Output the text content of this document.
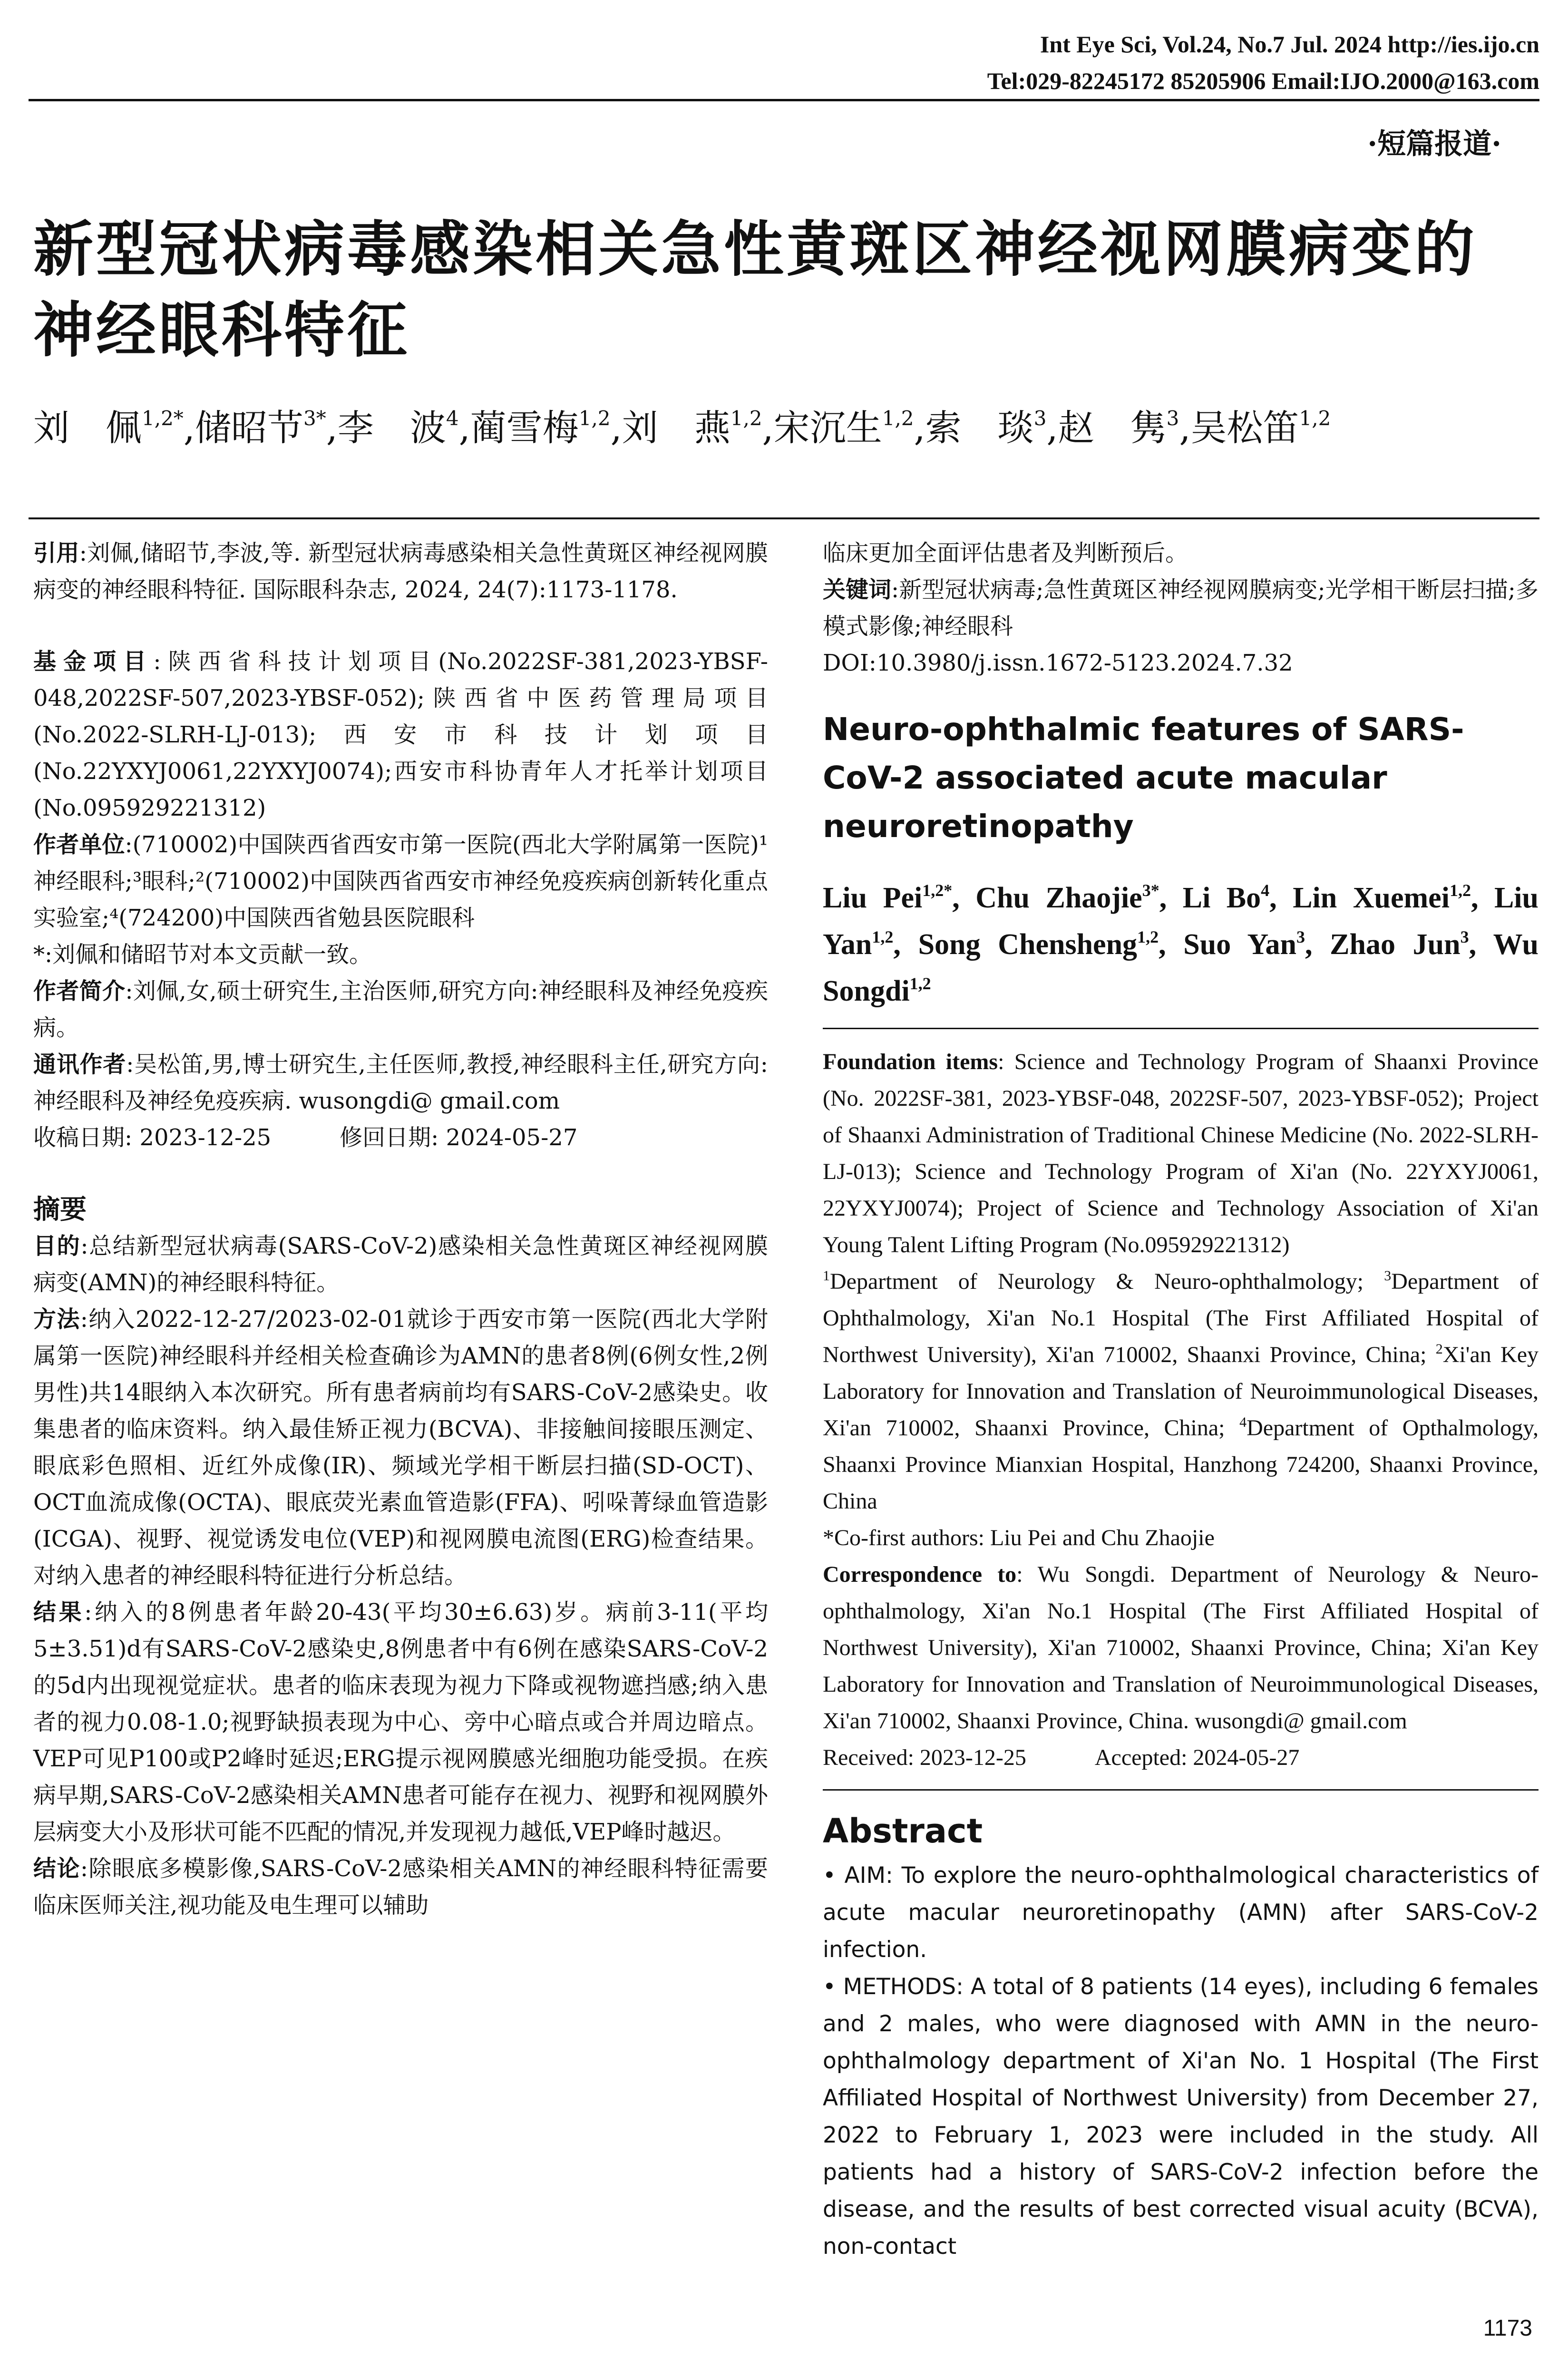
Int Eye Sci, Vol.24, No.7 Jul. 2024 http://ies.ijo.cn
Tel:029-82245172 85205906 Email:IJO.2000@163.com
·短篇报道·
新型冠状病毒感染相关急性黄斑区神经视网膜病变的神经眼科特征
刘　佩$^{1,2*}$,储昭节$^{3*}$,李　波$^4$,蔺雪梅$^{1,2}$,刘　燕$^{1,2}$,宋沉生$^{1,2}$,索　琰$^3$,赵　隽$^3$,吴松笛$^{1,2}$

引用:刘佩,储昭节,李波,等. 新型冠状病毒感染相关急性黄斑区神经视网膜病变的神经眼科特征. 国际眼科杂志, 2024, 24(7):1173-1178.

基金项目:陕西省科技计划项目(No.2022SF-381,2023-YBSF-048,2022SF-507,2023-YBSF-052);陕西省中医药管理局项目(No.2022-SLRH-LJ-013);西安市科技计划项目(No.22YXYJ0061,22YXYJ0074);西安市科协青年人才托举计划项目(No.095929221312)

作者单位:(710002)中国陕西省西安市第一医院(西北大学附属第一医院)¹神经眼科;³眼科;²(710002)中国陕西省西安市神经免疫疾病创新转化重点实验室;⁴(724200)中国陕西省勉县医院眼科

*:刘佩和储昭节对本文贡献一致。

作者简介:刘佩,女,硕士研究生,主治医师,研究方向:神经眼科及神经免疫疾病。

通讯作者:吴松笛,男,博士研究生,主任医师,教授,神经眼科主任,研究方向:神经眼科及神经免疫疾病. wusongdi@ gmail.com

收稿日期: 2023-12-25　　　修回日期: 2024-05-27

摘要

目的:总结新型冠状病毒(SARS-CoV-2)感染相关急性黄斑区神经视网膜病变(AMN)的神经眼科特征。

方法:纳入2022-12-27/2023-02-01就诊于西安市第一医院(西北大学附属第一医院)神经眼科并经相关检查确诊为AMN的患者8例(6例女性,2例男性)共14眼纳入本次研究。所有患者病前均有SARS-CoV-2感染史。收集患者的临床资料。纳入最佳矫正视力(BCVA)、非接触间接眼压测定、眼底彩色照相、近红外成像(IR)、频域光学相干断层扫描(SD-OCT)、OCT血流成像(OCTA)、眼底荧光素血管造影(FFA)、吲哚菁绿血管造影(ICGA)、视野、视觉诱发电位(VEP)和视网膜电流图(ERG)检查结果。对纳入患者的神经眼科特征进行分析总结。

结果:纳入的8例患者年龄20-43(平均30±6.63)岁。病前3-11(平均5±3.51)d有SARS-CoV-2感染史,8例患者中有6例在感染SARS-CoV-2的5d内出现视觉症状。患者的临床表现为视力下降或视物遮挡感;纳入患者的视力0.08-1.0;视野缺损表现为中心、旁中心暗点或合并周边暗点。VEP可见P100或P2峰时延迟;ERG提示视网膜感光细胞功能受损。在疾病早期,SARS-CoV-2感染相关AMN患者可能存在视力、视野和视网膜外层病变大小及形状可能不匹配的情况,并发现视力越低,VEP峰时越迟。

结论:除眼底多模影像,SARS-CoV-2感染相关AMN的神经眼科特征需要临床医师关注,视功能及电生理可以辅助

临床更加全面评估患者及判断预后。

关键词:新型冠状病毒;急性黄斑区神经视网膜病变;光学相干断层扫描;多模式影像;神经眼科

DOI:10.3980/j.issn.1672-5123.2024.7.32

Neuro-ophthalmic features of SARS-CoV-2 associated acute macular neuroretinopathy

Liu Pei$^{1,2*}$, Chu Zhaojie$^{3*}$, Li Bo$^4$, Lin Xuemei$^{1,2}$, Liu Yan$^{1,2}$, Song Chensheng$^{1,2}$, Suo Yan$^3$, Zhao Jun$^3$, Wu Songdi$^{1,2}$

Foundation items: Science and Technology Program of Shaanxi Province (No. 2022SF-381, 2023-YBSF-048, 2022SF-507, 2023-YBSF-052); Project of Shaanxi Administration of Traditional Chinese Medicine (No. 2022-SLRH-LJ-013); Science and Technology Program of Xi'an (No. 22YXYJ0061, 22YXYJ0074); Project of Science and Technology Association of Xi'an Young Talent Lifting Program (No.095929221312)

$^1$Department of Neurology & Neuro-ophthalmology; $^3$Department of Ophthalmology, Xi'an No.1 Hospital (The First Affiliated Hospital of Northwest University), Xi'an 710002, Shaanxi Province, China; $^2$Xi'an Key Laboratory for Innovation and Translation of Neuroimmunological Diseases, Xi'an 710002, Shaanxi Province, China; $^4$Department of Opthalmology, Shaanxi Province Mianxian Hospital, Hanzhong 724200, Shaanxi Province, China

*Co-first authors: Liu Pei and Chu Zhaojie

Correspondence to: Wu Songdi. Department of Neurology & Neuro-ophthalmology, Xi'an No.1 Hospital (The First Affiliated Hospital of Northwest University), Xi'an 710002, Shaanxi Province, China; Xi'an Key Laboratory for Innovation and Translation of Neuroimmunological Diseases, Xi'an 710002, Shaanxi Province, China. wusongdi@ gmail.com

Received: 2023-12-25　　　Accepted: 2024-05-27

Abstract

• AIM: To explore the neuro-ophthalmological characteristics of acute macular neuroretinopathy (AMN) after SARS-CoV-2 infection.

• METHODS: A total of 8 patients (14 eyes), including 6 females and 2 males, who were diagnosed with AMN in the neuro-ophthalmology department of Xi'an No. 1 Hospital (The First Affiliated Hospital of Northwest University) from December 27, 2022 to February 1, 2023 were included in the study. All patients had a history of SARS-CoV-2 infection before the disease, and the results of best corrected visual acuity (BCVA), non-contact

1173
